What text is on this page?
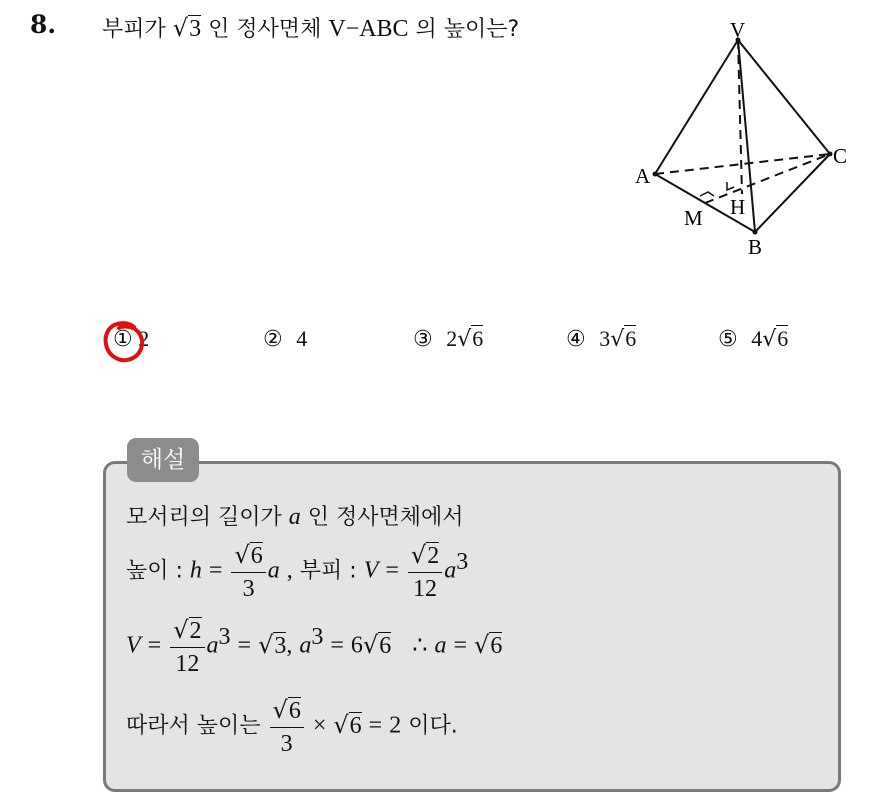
8. 부피가 √3 인 정사면체 V−ABC 의 높이는?	V
A
C
B
H
M
① 2	② 4	③ 2√6	④ 3√6	⑤ 4√6
해설
모서리의 길이가 a 인 정사면체에서
높이 : $h = \frac{√6}{3}$ a , 부피 : $V = \frac{√2}{12} a^3$
$V = \frac{√2}{12} a^3 = √3$, $a^3 = 6√6$ ∴ a = √6
따라서 높이는 $\frac{√6}{3} \times √6 = 2$ 이다.
